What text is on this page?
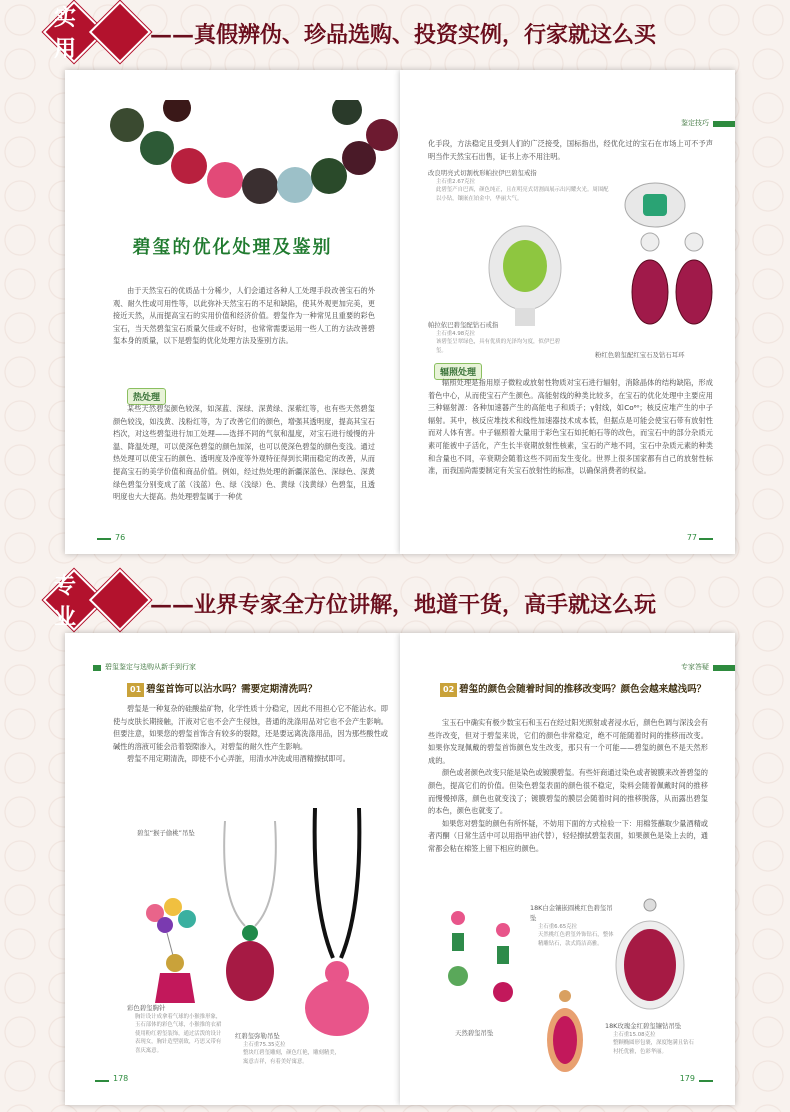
实用
——真假辨伪、珍品选购、投资实例，行家就这么买
碧玺的优化处理及鉴别

由于天然宝石的优质品十分稀少，人们会通过各种人工处理手段改善宝石的外观、耐久性或可用性等，以此弥补天然宝石的不足和缺陷，使其外观更加完美，更接近天然，从而提高宝石的实用价值和经济价值。碧玺作为一种常见且重要的彩色宝石，当天然碧玺宝石质量欠佳或不好时，也常常需要运用一些人工的方法改善碧玺本身的质量，以下是碧玺的优化处理方法及鉴别方法。

热处理

某些天然碧玺颜色较深，如深蓝、深绿、深黄绿、深紫红等，也有些天然碧玺颜色较浅，如浅黄、浅粉红等，为了改善它们的颜色，增强其透明度，提高其宝石档次，对这些碧玺进行加工处理——选择不同的气氛和温度，对宝石进行缓慢的升温、降温处理，可以使深色碧玺的颜色加深，也可以使深色碧玺的颜色变浅。通过热处理可以使宝石的颜色、透明度及净度等外观特征得到长期而稳定的改善，从而提高宝石的美学价值和商品价值。例如，经过热处理的新疆深蓝色、深绿色、深黄绿色碧玺分别变成了蓝（浅蓝）色、绿（浅绿）色、黄绿（浅黄绿）色碧玺，且透明度也大大提高。热处理碧玺属于一种优

76
鉴定技巧

化手段，方法稳定且受到人们的广泛接受，国标指出，经优化过的宝石在市场上可不予声明当作天然宝石出售，证书上亦不用注明。

改良明亮式切割枕形帕拉伊巴碧玺戒指
主石重2.67克拉
此碧玺产自巴西，颜色纯正，且在明亮式切割面展示出闪耀火光。周围配以小钻，镶嵌在铂金中，华丽大气。
帕拉依巴碧玺配钻石戒指
主石重4.98克拉
该碧玺呈翠绿色，具有优质的光泽均匀度，似伊巴碧玺。
粉红色碧玺配红宝石及钻石耳环
辐照处理

辐照处理是指用原子微粒或放射性物质对宝石进行辐射，消除晶体的结构缺陷，形成着色中心，从而使宝石产生颜色。高能射线的种类比较多，在宝石的优化处理中主要应用三种辐射源：各种加速器产生的高能电子和质子；γ射线，如Co⁶⁰；核反应堆产生的中子辐射。其中，核反应堆技术和线性加速器技术成本低，但据点是可能会使宝石带有放射性而对人体有害。中子辐照着大量用于彩色宝石如托帕石等的改色，而宝石中的部分杂质元素可能被中子活化，产生长半衰期放射性核素，宝石的产地不同，宝石中杂质元素的种类和含量也不同，辛衰期会随着这些不同而发生变化。世界上很多国家都有自己的放射性标准，而我国尚需要制定有关宝石放射性的标准，以确保消费者的权益。

77
专业	——业界专家全方位讲解，地道干货，高手就这么玩
碧玺鉴定与选购从新手到行家
01 碧玺首饰可以沾水吗？需要定期清洗吗？

碧玺是一种复杂的硅酸盐矿物，化学性质十分稳定，因此不用担心它不能沾水。即使与皮肤长期接触，汗液对它也不会产生侵蚀，普通的洗涤用品对它也不会产生影响。但要注意，如果您的碧玺首饰含有较多的裂隙，还是要远离洗涤用品，因为那些酸性或碱性的溶液可能会沿着裂隙渗入，对碧玺的耐久性产生影响。

碧玺不用定期清洗，即使不小心弄脏，用清水冲洗或用酒精擦拭即可。

碧玺“猴子偷桃”吊坠
彩色碧玺胸针
胸针设计成拿着气球的小猴推形象，玉石部体的彩色气球，小猴推的衣裙使用粉红碧玺装饰，通过活泼的设计表现女，胸针造型别致，巧思又带有喜庆寓意。
红碧玺弥勒吊坠
主石重75.35克拉
整块红碧玺雕刻，颜色红艳，雕刻精美，寓意吉祥，有着美好寓意。
178
专家答疑
02 碧玺的颜色会随着时间的推移改变吗？颜色会越来越浅吗？

宝玉石中确实有极少数宝石和玉石在经过阳光照射或者浸水后，颜色色调与深浅会有些许改变，但对于碧玺来说，它们的颜色非常稳定，绝不可能随着时间的推移而改变。如果你发现佩戴的碧玺首饰颜色发生改变，那只有一个可能——碧玺的颜色不是天然形成的。

颜色或者颜色改变只能是染色或镀膜碧玺。有些奸商通过染色或者镀膜来改善碧玺的颜色，提高它们的价值。但染色碧玺表面的颜色很不稳定，染料会随着佩戴时间的推移而慢慢掉落，颜色也就变浅了；镀膜碧玺的膜层会随着时间的推移脱落，从而露出碧玺的本色，颜色也就变了。

如果您对碧玺的颜色有所怀疑，不妨用下面的方式检验一下：用棉签蘸取少量酒精或者丙酮（日常生活中可以用指甲油代替），轻轻擦拭碧玺表面，如果颜色是染上去的，通常都会粘在棉签上留下相应的颜色。

18K白金镶嵌圆桃红色碧玺吊坠
主石重6.65克拉
天然桃红色碧玺外饰钻石，整体精雕钻石，款式简洁高雅。
天然碧玺吊坠
18K玫瑰金红碧玺镶钻吊坠
主石重15.08克拉
整颗椭圆形包裹，深度饱满且钻石衬托优雅，色彩华丽。
179
